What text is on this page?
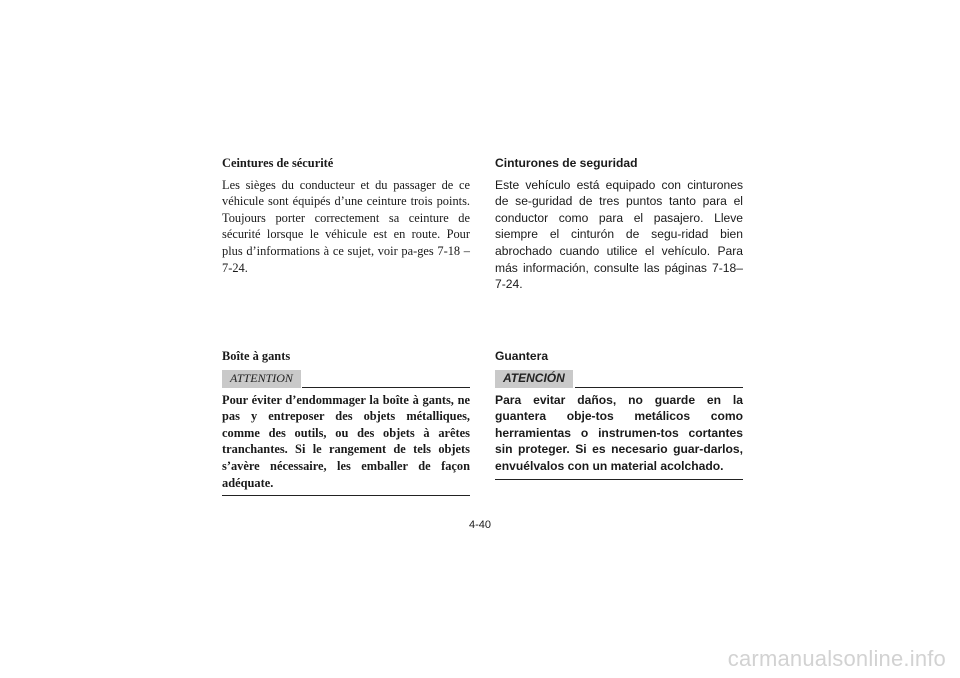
Ceintures de sécurité

Les sièges du conducteur et du passager de ce véhicule sont équipés d’une ceinture trois points. Toujours porter correctement sa ceinture de sécurité lorsque le véhicule est en route. Pour plus d’informations à ce sujet, voir pa-ges 7-18 – 7-24.

Cinturones de seguridad

Este vehículo está equipado con cinturones de se-guridad de tres puntos tanto para el conductor como para el pasajero. Lleve siempre el cinturón de segu-ridad bien abrochado cuando utilice el vehículo. Para más información, consulte las páginas 7-18–7-24.

Boîte à gants

ATTENTION

Pour éviter d’endommager la boîte à gants, ne pas y entreposer des objets métalliques, comme des outils, ou des objets à arêtes tranchantes. Si le rangement de tels objets s’avère nécessaire, les emballer de façon adéquate.

Guantera

ATENCIÓN

Para evitar daños, no guarde en la guantera obje-tos metálicos como herramientas o instrumen-tos cortantes sin proteger. Si es necesario guar-darlos, envuélvalos con un material acolchado.

4-40
carmanualsonline.info
